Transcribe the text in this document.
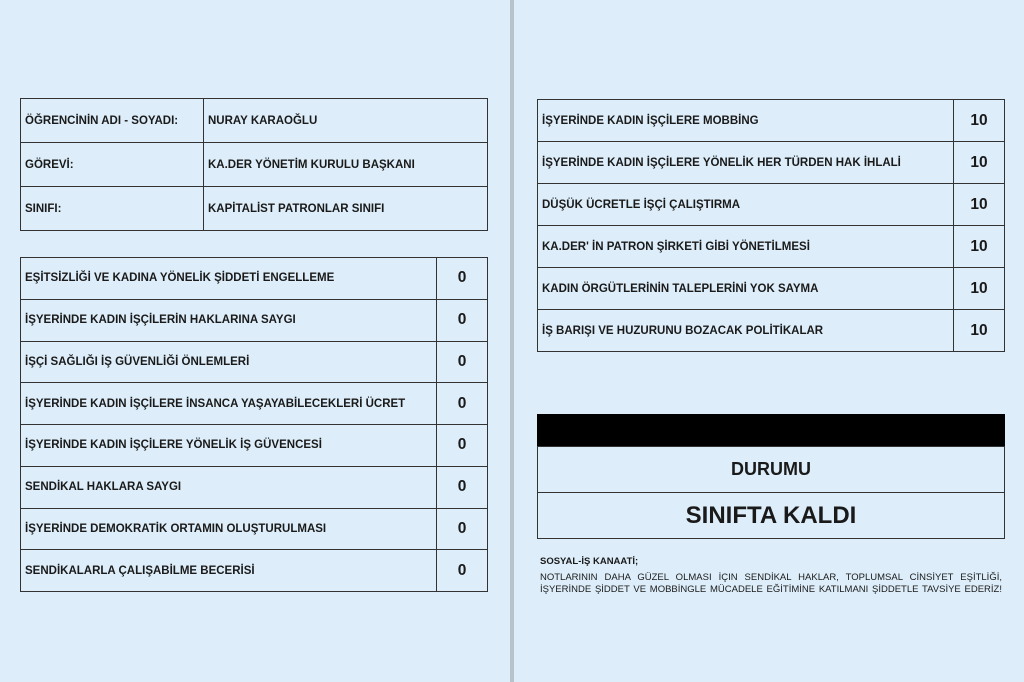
ÖĞRENCİNİN ADI - SOYADI:	NURAY KARAOĞLU
GÖREVİ:	KA.DER YÖNETİM KURULU BAŞKANI
SINIFI:	KAPİTALİST PATRONLAR SINIFI
EŞİTSİZLİĞİ VE KADINA YÖNELİK ŞİDDETİ ENGELLEME	0
İŞYERİNDE KADIN İŞÇİLERİN HAKLARINA SAYGI	0
İŞÇİ SAĞLIĞI İŞ GÜVENLİĞİ ÖNLEMLERİ	0
İŞYERİNDE KADIN İŞÇİLERE İNSANCA YAŞAYABİLECEKLERİ ÜCRET	0
İŞYERİNDE KADIN İŞÇİLERE YÖNELİK İŞ GÜVENCESİ	0
SENDİKAL HAKLARA SAYGI	0
İŞYERİNDE DEMOKRATİK ORTAMIN OLUŞTURULMASI	0
SENDİKALARLA ÇALIŞABİLME BECERİSİ	0
İŞYERİNDE KADIN İŞÇİLERE MOBBİNG	10
İŞYERİNDE KADIN İŞÇİLERE YÖNELİK HER TÜRDEN HAK İHLALİ	10
DÜŞÜK ÜCRETLE İŞÇİ ÇALIŞTIRMA	10
KA.DER' İN PATRON ŞİRKETİ GİBİ YÖNETİLMESİ	10
KADIN ÖRGÜTLERİNİN TALEPLERİNİ YOK SAYMA	10
İŞ BARIŞI VE HUZURUNU BOZACAK POLİTİKALAR	10
DURUMU
SINIFTA KALDI
SOSYAL-İŞ KANAATİ;
NOTLARININ DAHA GÜZEL OLMASI İÇIN SENDİKAL HAKLAR, TOPLUMSAL CİNSİYET EŞİTLİĞİ, İŞYERİNDE ŞİDDET VE MOBBİNGLE MÜCADELE EĞİTİMİNE KATILMANI ŞİDDETLE TAVSİYE EDERİZ!
